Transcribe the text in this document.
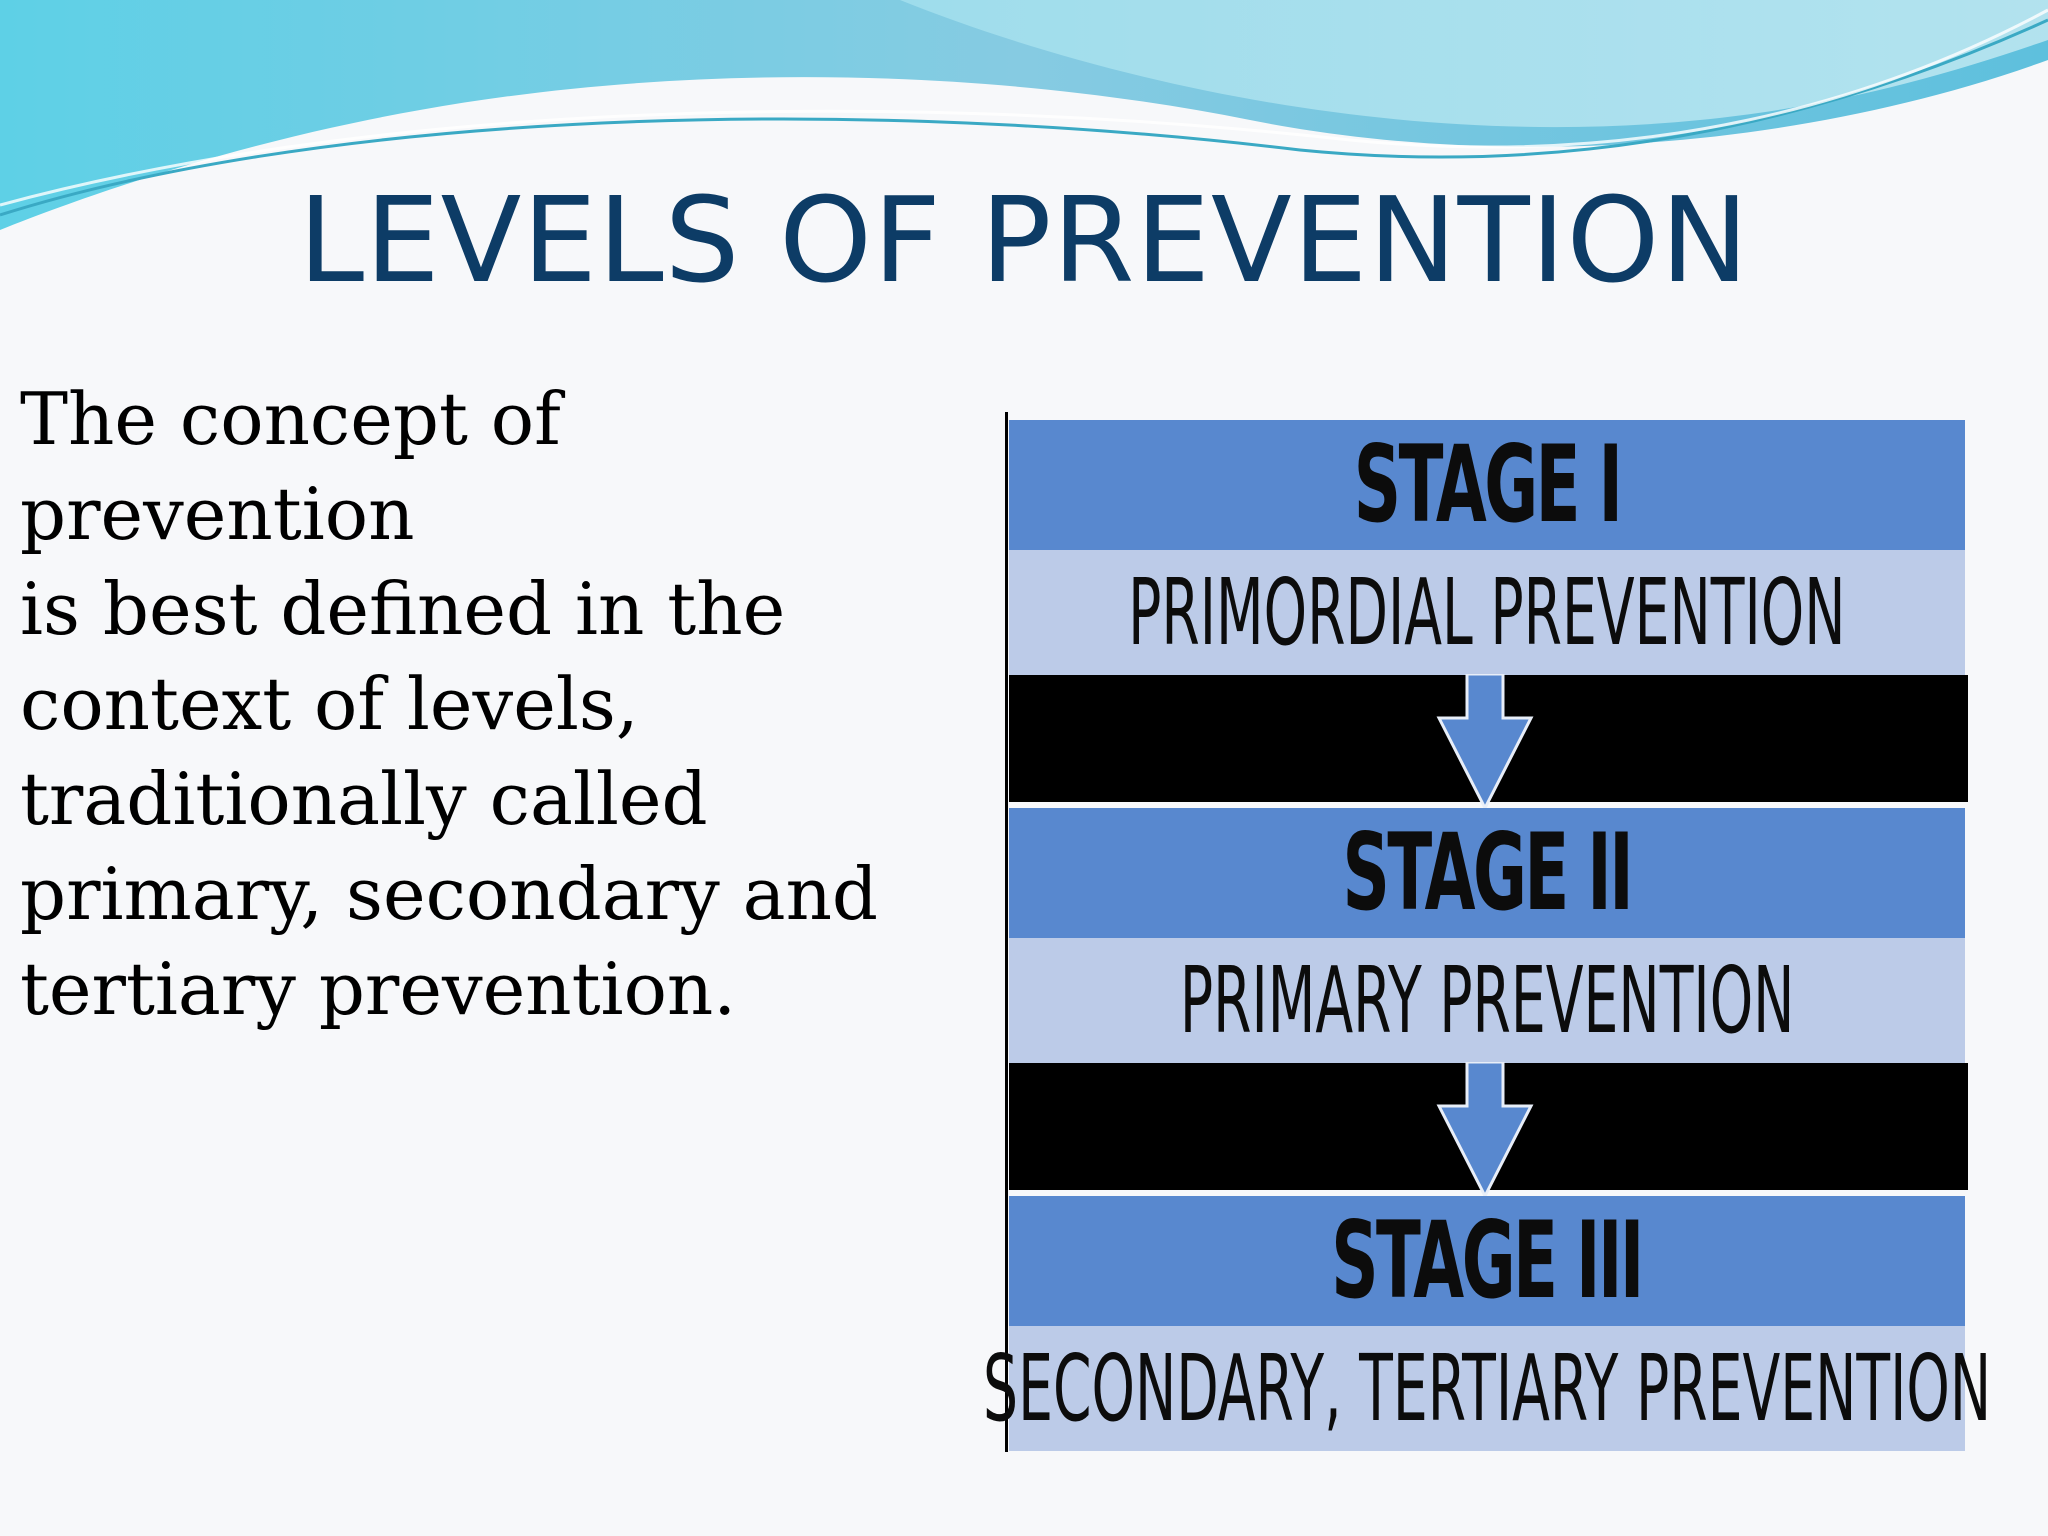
LEVELS OF PREVENTION
The concept of prevention
is best defined in the
context of levels,
traditionally called
primary, secondary and
tertiary prevention.
STAGE I
PRIMORDIAL PREVENTION
STAGE II
PRIMARY PREVENTION
STAGE III
SECONDARY, TERTIARY PREVENTION
